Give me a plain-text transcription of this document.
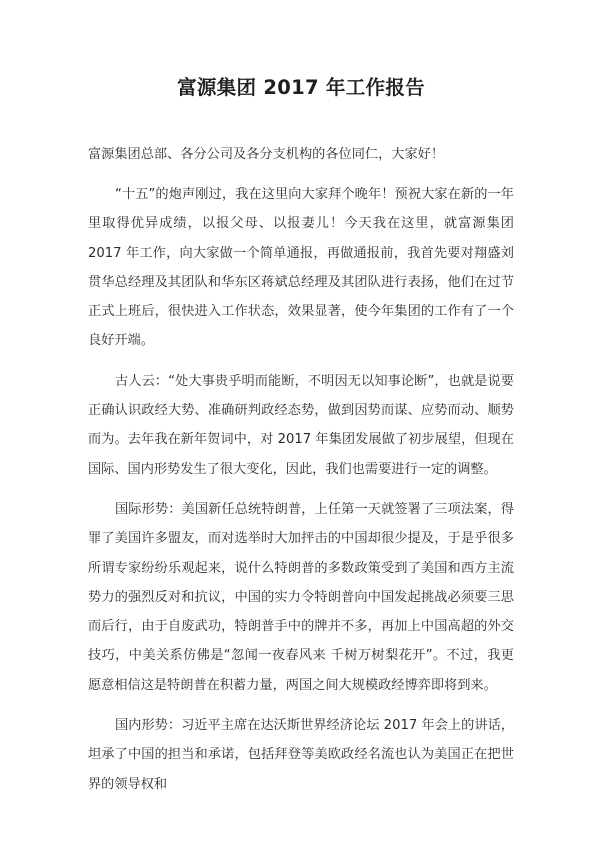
富源集团 2017 年工作报告

富源集团总部、各分公司及各分支机构的各位同仁，大家好！

“十五”的炮声刚过，我在这里向大家拜个晚年！预祝大家在新的一年里取得优异成绩，以报父母、以报妻儿！今天我在这里，就富源集团 2017 年工作，向大家做一个简单通报，再做通报前，我首先要对翔盛刘贯华总经理及其团队和华东区蒋斌总经理及其团队进行表扬，他们在过节正式上班后，很快进入工作状态，效果显著，使今年集团的工作有了一个良好开端。

古人云：“处大事贵乎明而能断，不明因无以知事论断”，也就是说要正确认识政经大势、准确研判政经态势，做到因势而谋、应势而动、顺势而为。去年我在新年贺词中，对 2017 年集团发展做了初步展望，但现在国际、国内形势发生了很大变化，因此，我们也需要进行一定的调整。

国际形势：美国新任总统特朗普，上任第一天就签署了三项法案，得罪了美国许多盟友，而对选举时大加抨击的中国却很少提及，于是乎很多所谓专家纷纷乐观起来，说什么特朗普的多数政策受到了美国和西方主流势力的强烈反对和抗议，中国的实力令特朗普向中国发起挑战必须要三思而后行，由于自废武功，特朗普手中的牌并不多，再加上中国高超的外交技巧，中美关系仿佛是“忽闻一夜春风来 千树万树梨花开”。不过，我更愿意相信这是特朗普在积蓄力量，两国之间大规模政经博弈即将到来。

国内形势：习近平主席在达沃斯世界经济论坛 2017 年会上的讲话，坦承了中国的担当和承诺，包括拜登等美欧政经名流也认为美国正在把世界的领导权和
